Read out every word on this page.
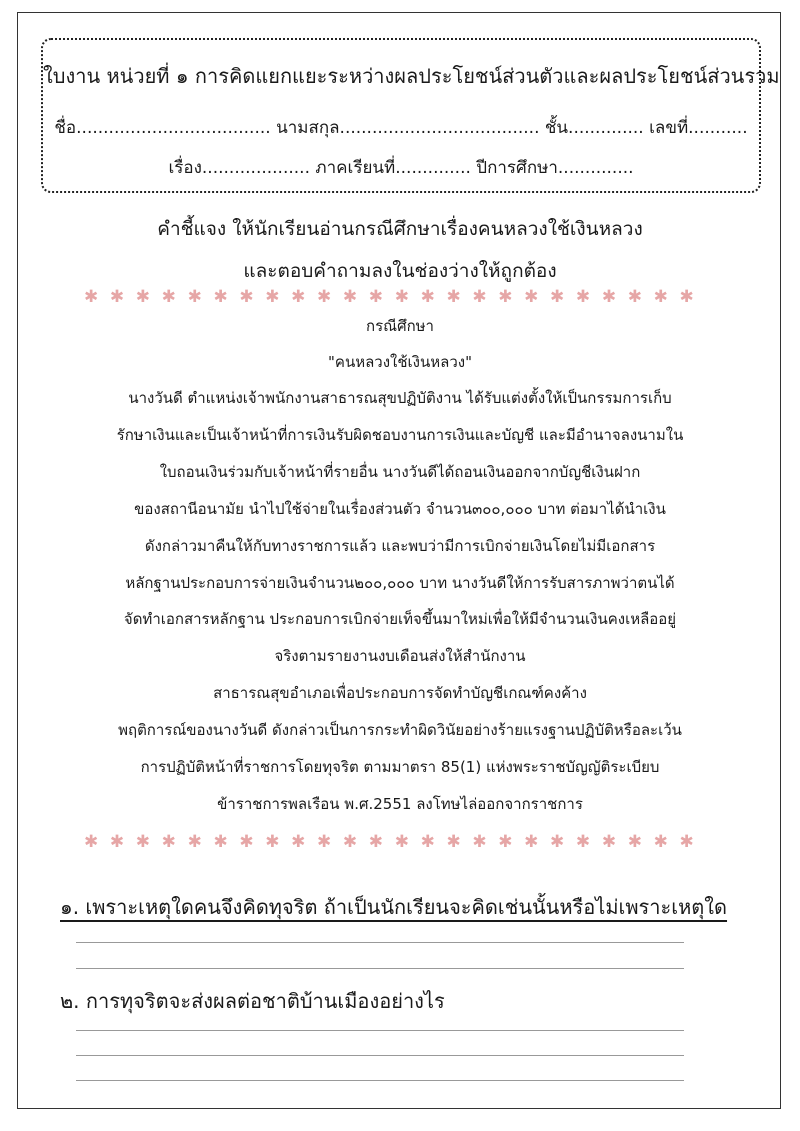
ใบงาน หน่วยที่ ๑ การคิดแยกแยะระหว่างผลประโยชน์ส่วนตัวและผลประโยชน์ส่วนรวม
ชื่อ.................................... นามสกุล..................................... ชั้น.............. เลขที่...........
เรื่อง.................... ภาคเรียนที่.............. ปีการศึกษา..............
คำชี้แจง ให้นักเรียนอ่านกรณีศึกษาเรื่องคนหลวงใช้เงินหลวง
และตอบคำถามลงในช่องว่างให้ถูกต้อง
✱ ✱ ✱ ✱ ✱ ✱ ✱ ✱ ✱ ✱ ✱ ✱ ✱ ✱ ✱ ✱ ✱ ✱ ✱ ✱ ✱ ✱ ✱ ✱
กรณีศึกษา
"คนหลวงใช้เงินหลวง"
นางวันดี ตำแหน่งเจ้าพนักงานสาธารณสุขปฏิบัติงาน ได้รับแต่งตั้งให้เป็นกรรมการเก็บ
รักษาเงินและเป็นเจ้าหน้าที่การเงินรับผิดชอบงานการเงินและบัญชี และมีอำนาจลงนามใน
ใบถอนเงินร่วมกับเจ้าหน้าที่รายอื่น นางวันดีได้ถอนเงินออกจากบัญชีเงินฝาก
ของสถานีอนามัย นำไปใช้จ่ายในเรื่องส่วนตัว จำนวน๓๐๐,๐๐๐ บาท ต่อมาได้นำเงิน
ดังกล่าวมาคืนให้กับทางราชการแล้ว และพบว่ามีการเบิกจ่ายเงินโดยไม่มีเอกสาร
หลักฐานประกอบการจ่ายเงินจำนวน๒๐๐,๐๐๐ บาท นางวันดีให้การรับสารภาพว่าตนได้
จัดทำเอกสารหลักฐาน ประกอบการเบิกจ่ายเท็จขึ้นมาใหม่เพื่อให้มีจำนวนเงินคงเหลืออยู่
จริงตามรายงานงบเดือนส่งให้สำนักงาน
สาธารณสุขอำเภอเพื่อประกอบการจัดทำบัญชีเกณฑ์คงค้าง
พฤติการณ์ของนางวันดี ดังกล่าวเป็นการกระทำผิดวินัยอย่างร้ายแรงฐานปฏิบัติหรือละเว้น
การปฏิบัติหน้าที่ราชการโดยทุจริต ตามมาตรา 85(1) แห่งพระราชบัญญัติระเบียบ
ข้าราชการพลเรือน พ.ศ.2551 ลงโทษไล่ออกจากราชการ
✱ ✱ ✱ ✱ ✱ ✱ ✱ ✱ ✱ ✱ ✱ ✱ ✱ ✱ ✱ ✱ ✱ ✱ ✱ ✱ ✱ ✱ ✱ ✱
๑. เพราะเหตุใดคนจึงคิดทุจริต ถ้าเป็นนักเรียนจะคิดเช่นนั้นหรือไม่เพราะเหตุใด
๒. การทุจริตจะส่งผลต่อชาติบ้านเมืองอย่างไร
